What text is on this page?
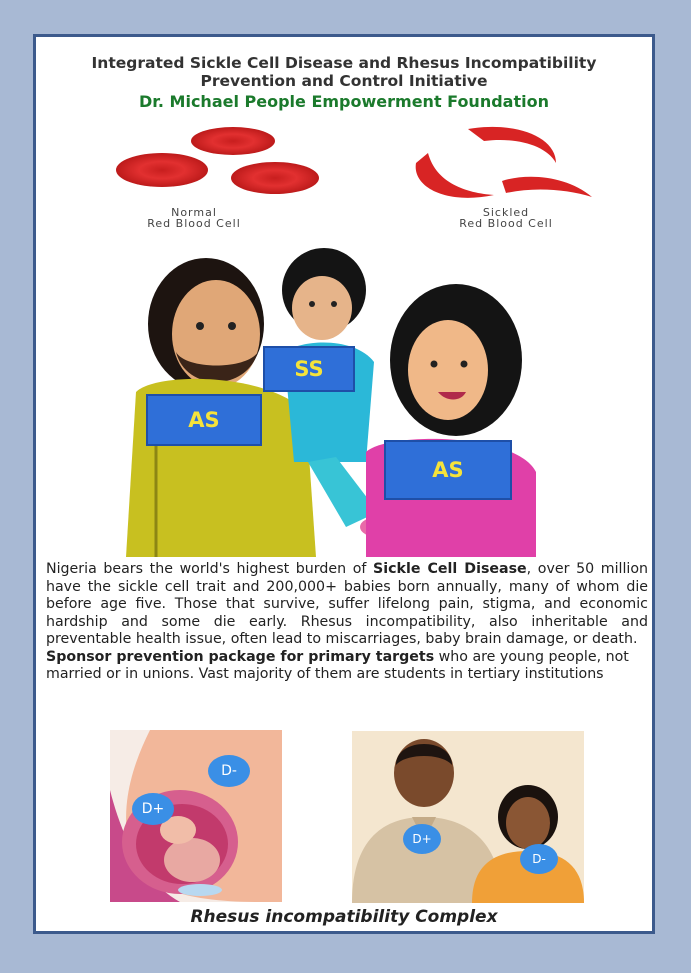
Integrated Sickle Cell Disease and Rhesus Incompatibility
Prevention and Control Initiative
Dr. Michael People Empowerment Foundation
Normal
Red Blood Cell
Sickled
Red Blood Cell
SS
AS
AS

Nigeria bears the world's highest burden of Sickle Cell Disease, over 50 million have the sickle cell trait and 200,000+ babies born annually, many of whom die before age five. Those that survive, suffer lifelong pain, stigma, and economic hardship and some die early. Rhesus incompatibility, also inheritable and preventable health issue, often lead to miscarriages, baby brain damage, or death.

Sponsor prevention package for primary targets who are young people, not married or in unions. Vast majority of them are students in tertiary institutions

D-
D+
D+
D-
Rhesus incompatibility Complex
